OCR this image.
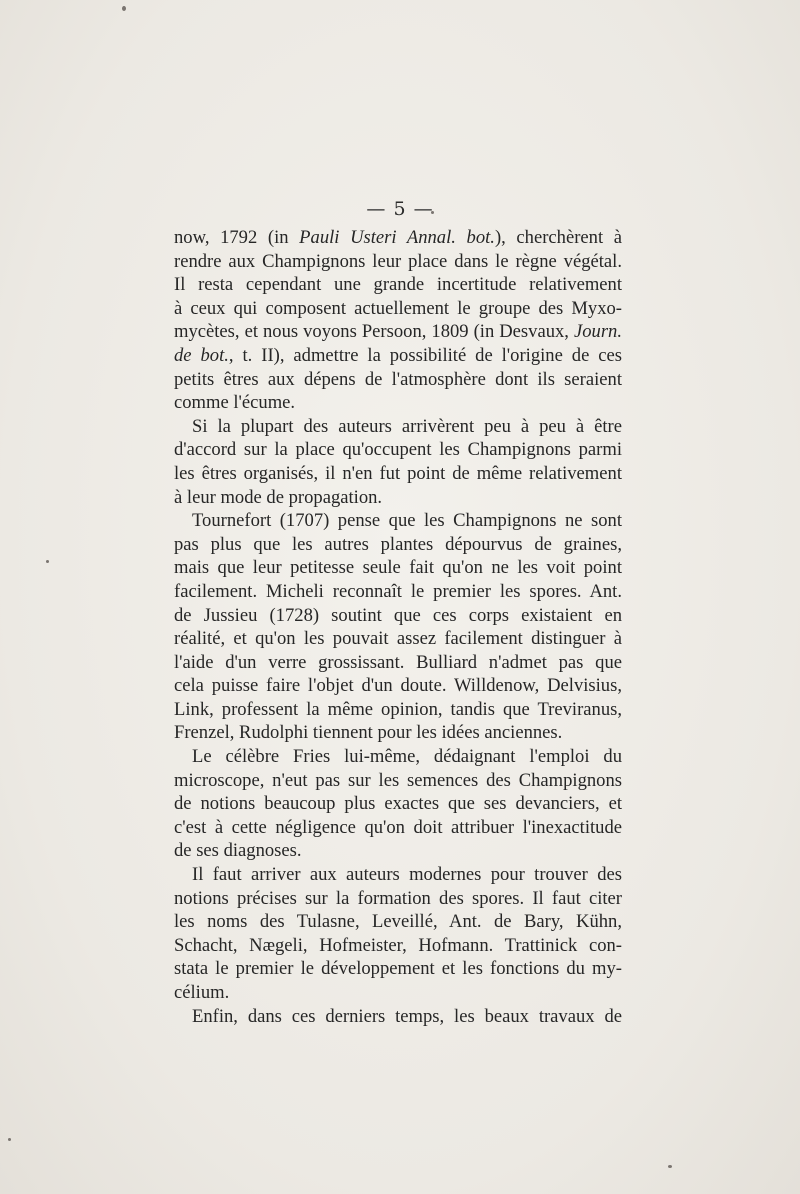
— 5 —
now, 1792 (in Pauli Usteri Annal. bot.), cherchèrent à
rendre aux Champignons leur place dans le règne végétal.
Il resta cependant une grande incertitude relativement
à ceux qui composent actuellement le groupe des Myxo-
mycètes, et nous voyons Persoon, 1809 (in Desvaux, Journ.
de bot., t. II), admettre la possibilité de l'origine de ces
petits êtres aux dépens de l'atmosphère dont ils seraient
comme l'écume.
Si la plupart des auteurs arrivèrent peu à peu à être
d'accord sur la place qu'occupent les Champignons parmi
les êtres organisés, il n'en fut point de même relativement
à leur mode de propagation.
Tournefort (1707) pense que les Champignons ne sont
pas plus que les autres plantes dépourvus de graines,
mais que leur petitesse seule fait qu'on ne les voit point
facilement. Micheli reconnaît le premier les spores. Ant.
de Jussieu (1728) soutint que ces corps existaient en
réalité, et qu'on les pouvait assez facilement distinguer à
l'aide d'un verre grossissant. Bulliard n'admet pas que
cela puisse faire l'objet d'un doute. Willdenow, Delvisius,
Link, professent la même opinion, tandis que Treviranus,
Frenzel, Rudolphi tiennent pour les idées anciennes.
Le célèbre Fries lui-même, dédaignant l'emploi du
microscope, n'eut pas sur les semences des Champignons
de notions beaucoup plus exactes que ses devanciers, et
c'est à cette négligence qu'on doit attribuer l'inexactitude
de ses diagnoses.
Il faut arriver aux auteurs modernes pour trouver des
notions précises sur la formation des spores. Il faut citer
les noms des Tulasne, Leveillé, Ant. de Bary, Kühn,
Schacht, Nægeli, Hofmeister, Hofmann. Trattinick con-
stata le premier le développement et les fonctions du my-
célium.
Enfin, dans ces derniers temps, les beaux travaux de
